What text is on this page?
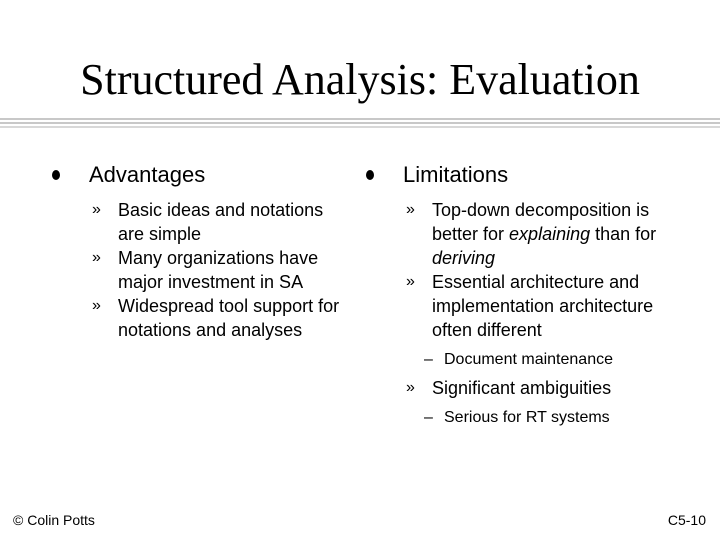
Structured Analysis: Evaluation
Advantages
» Basic ideas and notations are simple
» Many organizations have major investment in SA
» Widespread tool support for notations and analyses
Limitations
» Top-down decomposition is better for explaining than for deriving
» Essential architecture and implementation architecture often different
– Document maintenance
» Significant ambiguities
– Serious for RT systems
© Colin Potts	C5-10
